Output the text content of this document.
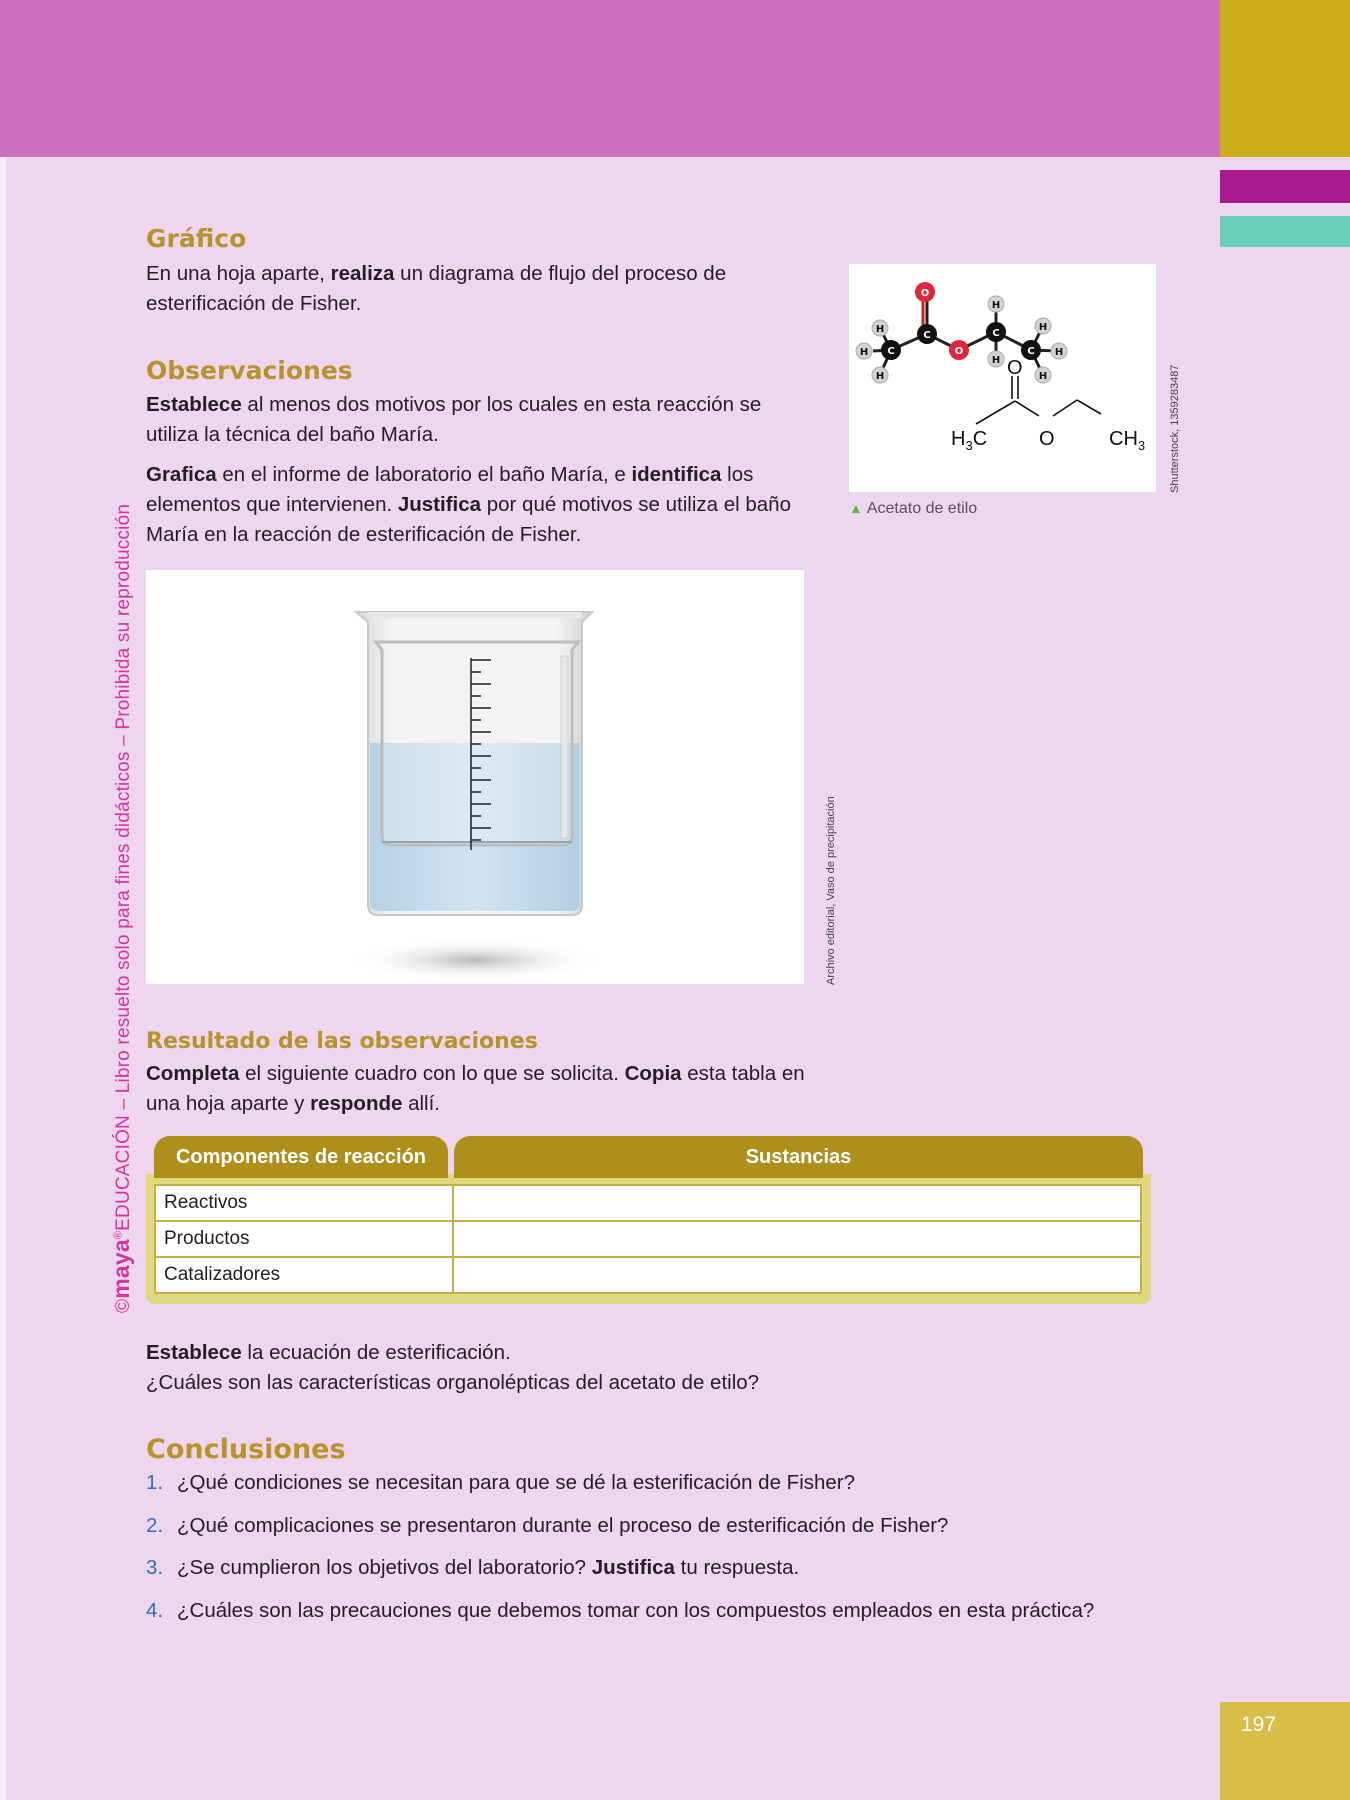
197
©maya®EDUCACIÓN – Libro resuelto solo para fines didácticos – Prohibida su reproducción
Gráfico

En una hoja aparte, realiza un diagrama de flujo del proceso de esterificación de Fisher.

Observaciones

Establece al menos dos motivos por los cuales en esta reacción se utiliza la técnica del baño María.

Grafica en el informe de laboratorio el baño María, e identifica los elementos que intervienen. Justifica por qué motivos se utiliza el baño María en la reacción de esterificación de Fisher.

H
H
H
H
H
H
H
H
C
C	C
C
O
O
$H_3C$
O
O	$CH_3$ Shutterstock, 1359283487
▲ Acetato de etilo
Archivo editorial, Vaso de precipitación
Resultado de las observaciones

Completa el siguiente cuadro con lo que se solicita. Copia esta tabla en una hoja aparte y responde allí.

Componentes de reacción	Sustancias
Reactivos	
Productos	
Catalizadores	

Establece la ecuación de esterificación.

¿Cuáles son las características organolépticas del acetato de etilo?

Conclusiones
1. ¿Qué condiciones se necesitan para que se dé la esterificación de Fisher?
2. ¿Qué complicaciones se presentaron durante el proceso de esterificación de Fisher?
3. ¿Se cumplieron los objetivos del laboratorio? Justifica tu respuesta.
4. ¿Cuáles son las precauciones que debemos tomar con los compuestos empleados en esta práctica?
